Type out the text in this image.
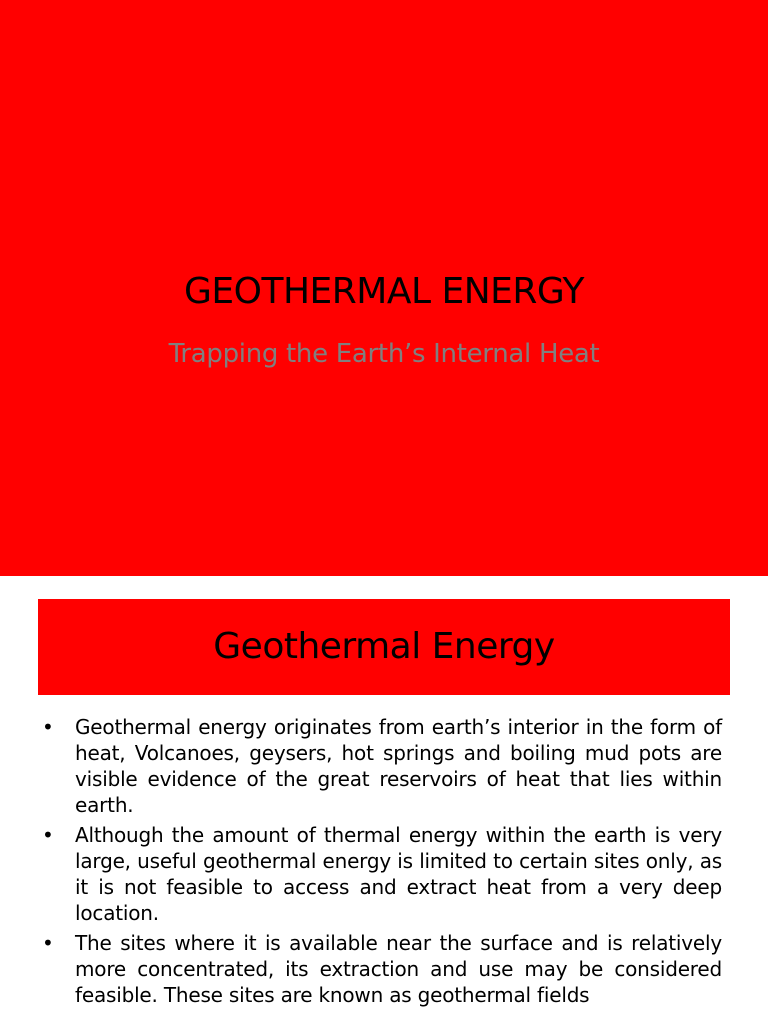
GEOTHERMAL ENERGY
Trapping the Earth’s Internal Heat
Geothermal Energy
• Geothermal energy originates from earth’s interior in the form of heat, Volcanoes, geysers, hot springs and boiling mud pots are visible evidence of the great reservoirs of heat that lies within earth.
• Although the amount of thermal energy within the earth is very large, useful geothermal energy is limited to certain sites only, as it is not feasible to access and extract heat from a very deep location.
• The sites where it is available near the surface and is relatively more concentrated, its extraction and use may be considered feasible. These sites are known as geothermal fields
